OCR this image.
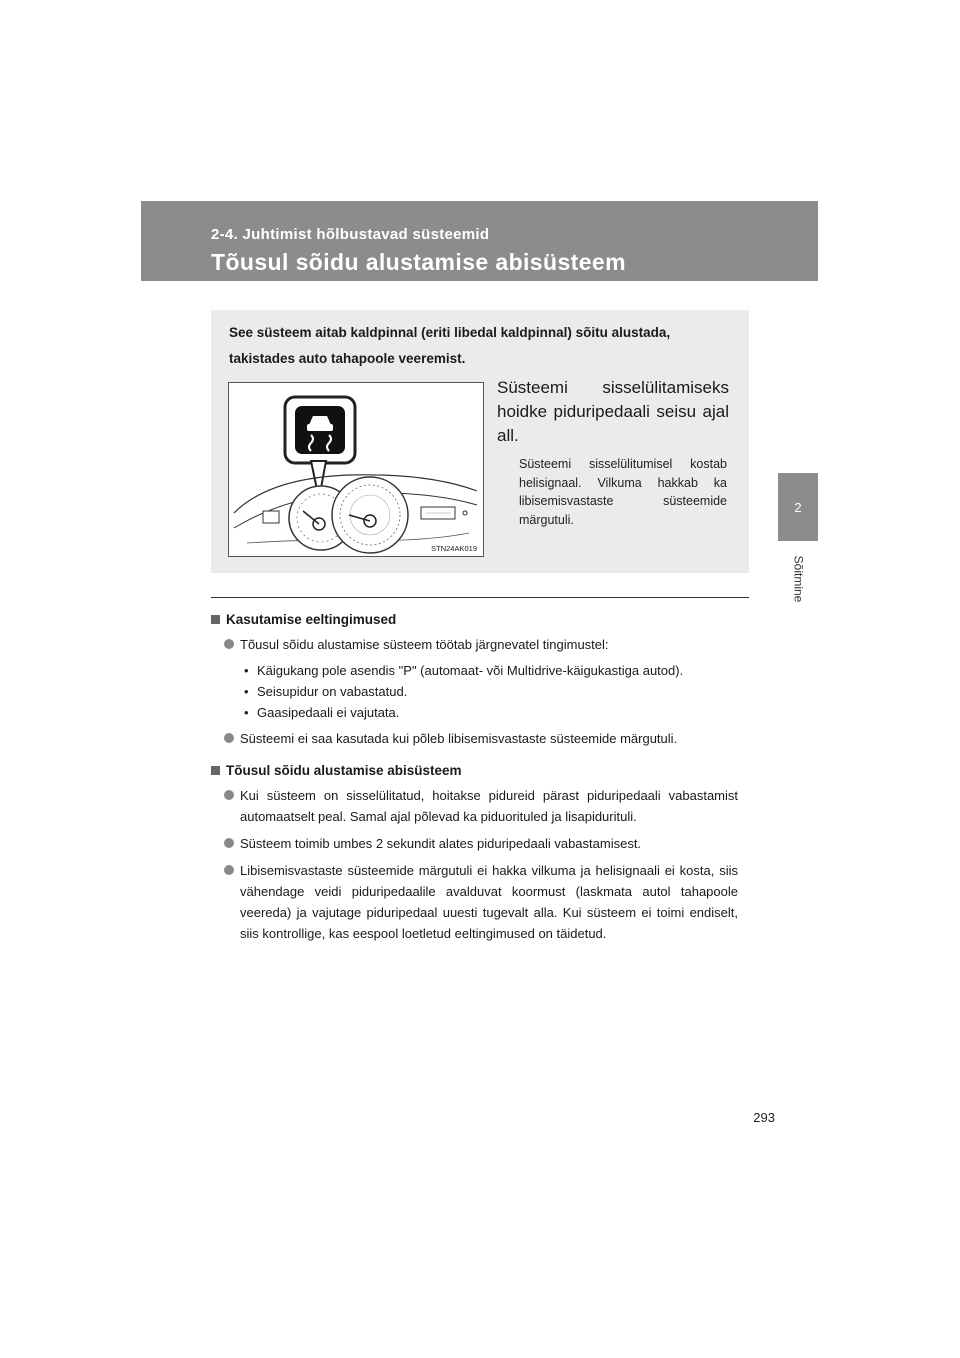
2-4. Juhtimist hõlbustavad süsteemid
Tõusul sõidu alustamise abisüsteem
2
Sõitmine
See süsteem aitab kaldpinnal (eriti libedal kaldpinnal) sõitu alustada, takistades auto tahapoole veeremist.
STN24AK019
Süsteemi sisselülitamiseks hoidke piduripedaali seisu ajal all.
Süsteemi sisselülitumisel kostab helisignaal. Vilkuma hakkab ka libisemisvastaste süsteemide märgutuli.
Kasutamise eeltingimused
Tõusul sõidu alustamise süsteem töötab järgnevatel tingimustel:
• Käigukang pole asendis "P" (automaat- või Multidrive-käigukastiga autod).
• Seisupidur on vabastatud.
• Gaasipedaali ei vajutata.
Süsteemi ei saa kasutada kui põleb libisemisvastaste süsteemide märgutuli.
Tõusul sõidu alustamise abisüsteem
Kui süsteem on sisselülitatud, hoitakse pidureid pärast piduripedaali vabastamist automaatselt peal. Samal ajal põlevad ka piduorituled ja lisapidurituli.
Süsteem toimib umbes 2 sekundit alates piduripedaali vabastamisest.
Libisemisvastaste süsteemide märgutuli ei hakka vilkuma ja helisignaali ei kosta, siis vähendage veidi piduripedaalile avalduvat koormust (laskmata autol tahapoole veereda) ja vajutage piduripedaal uuesti tugevalt alla. Kui süsteem ei toimi endiselt, siis kontrollige, kas eespool loetletud eeltingimused on täidetud.
293
